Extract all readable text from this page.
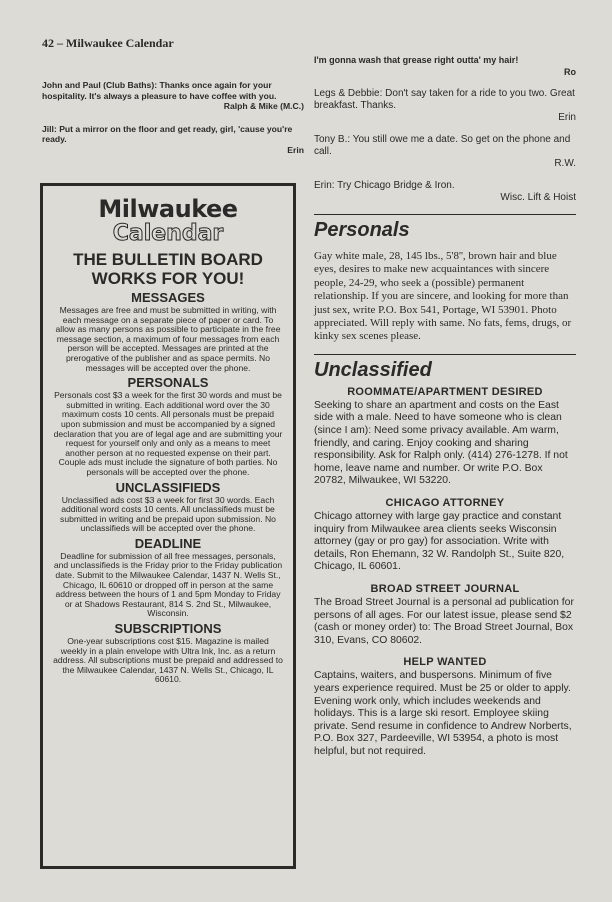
42 – Milwaukee Calendar
John and Paul (Club Baths): Thanks once again for your hospitality. It's always a pleasure to have coffee with you.
Ralph & Mike (M.C.)
Jill: Put a mirror on the floor and get ready, girl, 'cause you're ready.
Erin
Milwaukee
Calendar
THE BULLETIN BOARD WORKS FOR YOU!
MESSAGES

Messages are free and must be submitted in writing, with each message on a separate piece of paper or card. To allow as many persons as possible to participate in the free message section, a maximum of four messages from each person will be accepted. Messages are printed at the prerogative of the publisher and as space permits. No messages will be accepted over the phone.

PERSONALS

Personals cost $3 a week for the first 30 words and must be submitted in writing. Each additional word over the 30 maximum costs 10 cents. All personals must be prepaid upon submission and must be accompanied by a signed declaration that you are of legal age and are submitting your request for yourself only and only as a means to meet another person at no requested expense on their part. Couple ads must include the signature of both parties. No personals will be accepted over the phone.

UNCLASSIFIEDS

Unclassified ads cost $3 a week for first 30 words. Each additional word costs 10 cents. All unclassifieds must be submitted in writing and be prepaid upon submission. No unclassifieds will be accepted over the phone.

DEADLINE

Deadline for submission of all free messages, personals, and unclassifieds is the Friday prior to the Friday publication date. Submit to the Milwaukee Calendar, 1437 N. Wells St., Chicago, IL 60610 or dropped off in person at the same address between the hours of 1 and 5pm Monday to Friday or at Shadows Restaurant, 814 S. 2nd St., Milwaukee, Wisconsin.

SUBSCRIPTIONS

One-year subscriptions cost $15. Magazine is mailed weekly in a plain envelope with Ultra Ink, Inc. as a return address. All subscriptions must be prepaid and addressed to the Milwaukee Calendar, 1437 N. Wells St., Chicago, IL 60610.

I'm gonna wash that grease right outta' my hair!
Ro
Legs & Debbie: Don't say taken for a ride to you two. Great breakfast. Thanks.
Erin
Tony B.: You still owe me a date. So get on the phone and call.
R.W.
Erin: Try Chicago Bridge & Iron.
Wisc. Lift & Hoist
Personals

Gay white male, 28, 145 lbs., 5'8'', brown hair and blue eyes, desires to make new acquaintances with sincere people, 24-29, who seek a (possible) permanent relationship. If you are sincere, and looking for more than just sex, write P.O. Box 541, Portage, WI 53901. Photo appreciated. Will reply with same. No fats, fems, drugs, or kinky sex scenes please.

Unclassified
ROOMMATE/APARTMENT DESIRED

Seeking to share an apartment and costs on the East side with a male. Need to have someone who is clean (since I am): Need some privacy available. Am warm, friendly, and caring. Enjoy cooking and sharing responsibility. Ask for Ralph only. (414) 276-1278. If not home, leave name and number. Or write P.O. Box 20782, Milwaukee, WI 53220.

CHICAGO ATTORNEY

Chicago attorney with large gay practice and constant inquiry from Milwaukee area clients seeks Wisconsin attorney (gay or pro gay) for association. Write with details, Ron Ehemann, 32 W. Randolph St., Suite 820, Chicago, IL 60601.

BROAD STREET JOURNAL

The Broad Street Journal is a personal ad publication for persons of all ages. For our latest issue, please send $2 (cash or money order) to: The Broad Street Journal, Box 310, Evans, CO 80602.

HELP WANTED

Captains, waiters, and buspersons. Minimum of five years experience required. Must be 25 or older to apply. Evening work only, which includes weekends and holidays. This is a large ski resort. Employee skiing private. Send resume in confidence to Andrew Norberts, P.O. Box 327, Pardeeville, WI 53954, a photo is most helpful, but not required.
